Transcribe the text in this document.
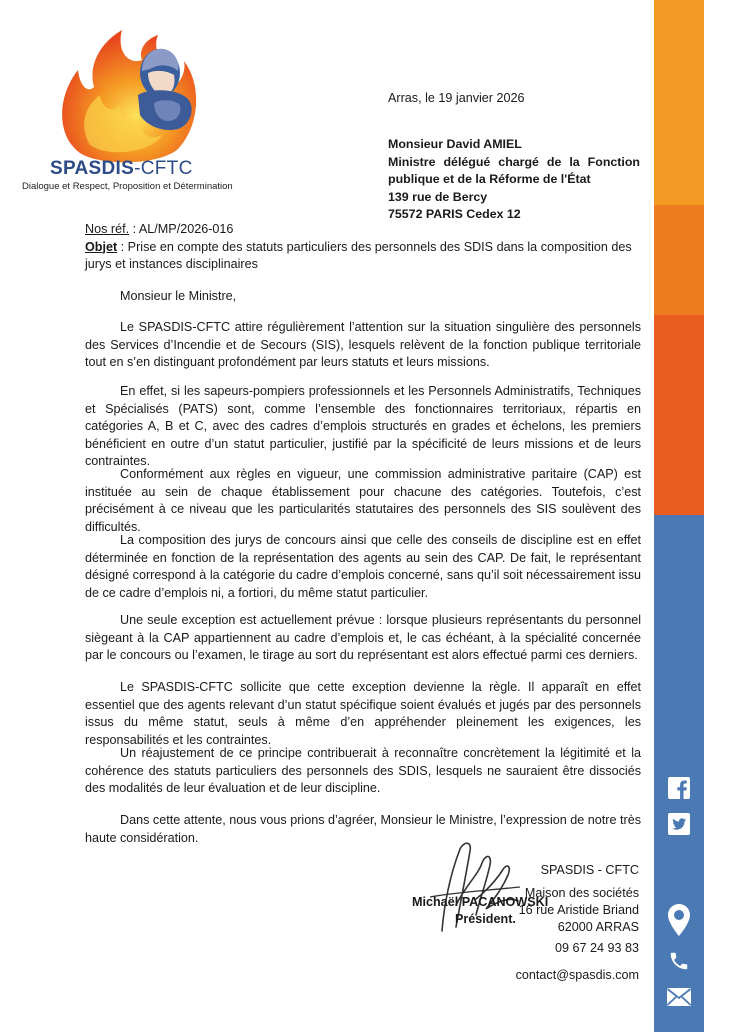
SPASDIS-CFTC
Dialogue et Respect, Proposition et Détermination
Arras, le 19 janvier 2026
Monsieur David AMIEL
Ministre délégué chargé de la Fonction
publique et de la Réforme de l'État
139 rue de Bercy
75572 PARIS Cedex 12
Nos réf. : AL/MP/2026-016
Objet : Prise en compte des statuts particuliers des personnels des SDIS dans la composition des jurys et instances disciplinaires
Monsieur le Ministre,
Le SPASDIS-CFTC attire régulièrement l’attention sur la situation singulière des personnels des Services d’Incendie et de Secours (SIS), lesquels relèvent de la fonction publique territoriale tout en s’en distinguant profondément par leurs statuts et leurs missions.
En effet, si les sapeurs-pompiers professionnels et les Personnels Administratifs, Techniques et Spécialisés (PATS) sont, comme l’ensemble des fonctionnaires territoriaux, répartis en catégories A, B et C, avec des cadres d’emplois structurés en grades et échelons, les premiers bénéficient en outre d’un statut particulier, justifié par la spécificité de leurs missions et de leurs contraintes.
Conformément aux règles en vigueur, une commission administrative paritaire (CAP) est instituée au sein de chaque établissement pour chacune des catégories. Toutefois, c’est précisément à ce niveau que les particularités statutaires des personnels des SIS soulèvent des difficultés.
La composition des jurys de concours ainsi que celle des conseils de discipline est en effet déterminée en fonction de la représentation des agents au sein des CAP. De fait, le représentant désigné correspond à la catégorie du cadre d’emplois concerné, sans qu’il soit nécessairement issu de ce cadre d’emplois ni, a fortiori, du même statut particulier.
Une seule exception est actuellement prévue : lorsque plusieurs représentants du personnel siègeant à la CAP appartiennent au cadre d’emplois et, le cas échéant, à la spécialité concernée par le concours ou l’examen, le tirage au sort du représentant est alors effectué parmi ces derniers.
Le SPASDIS-CFTC sollicite que cette exception devienne la règle. Il apparaît en effet essentiel que des agents relevant d’un statut spécifique soient évalués et jugés par des personnels issus du même statut, seuls à même d’en appréhender pleinement les exigences, les responsabilités et les contraintes.
Un réajustement de ce principe contribuerait à reconnaître concrètement la légitimité et la cohérence des statuts particuliers des personnels des SDIS, lesquels ne sauraient être dissociés des modalités de leur évaluation et de leur discipline.
Dans cette attente, nous vous prions d’agréer, Monsieur le Ministre, l’expression de notre très haute considération.
Michaël PACANOWSKI
Président.
SPASDIS - CFTC
Maison des sociétés
16 rue Aristide Briand
62000 ARRAS
09 67 24 93 83
contact@spasdis.com
